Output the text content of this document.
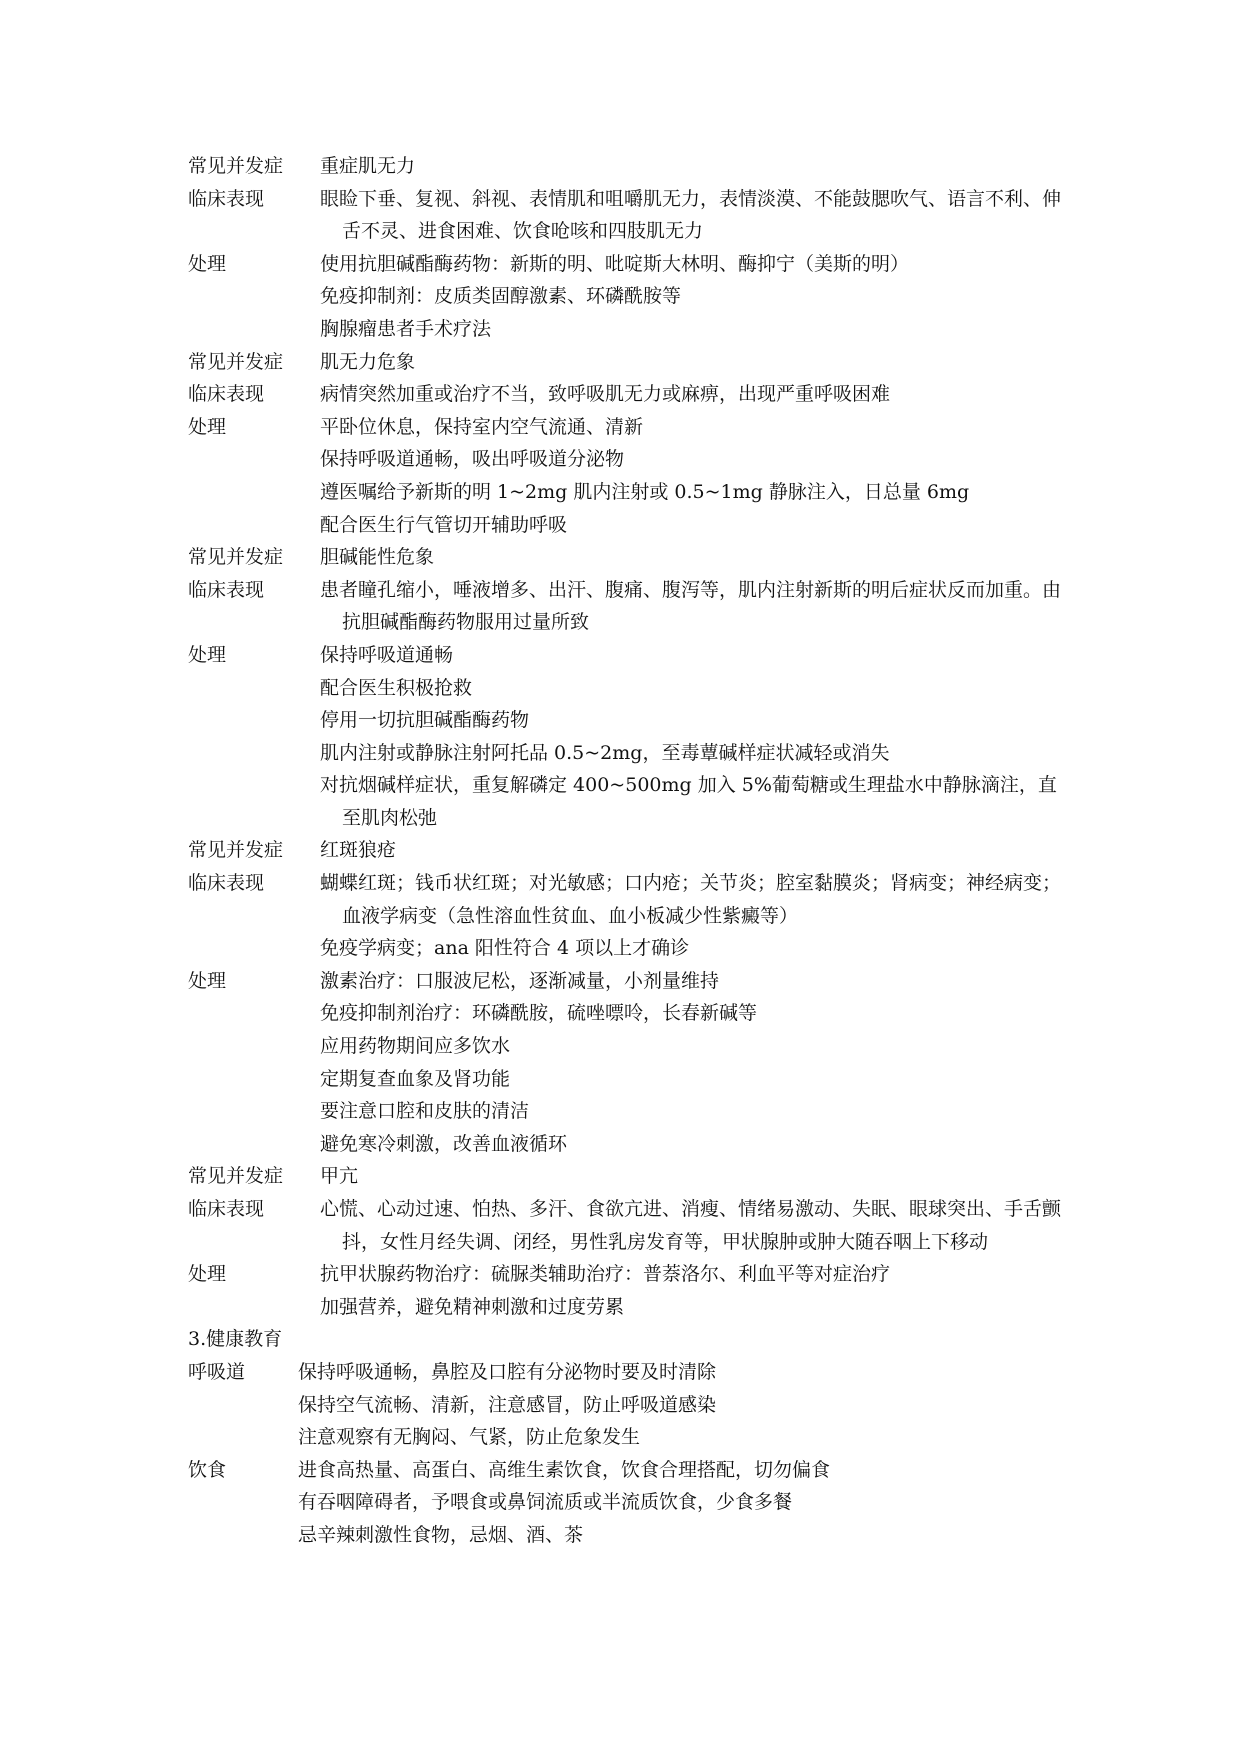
常见并发症	重症肌无力
临床表现	眼睑下垂、复视、斜视、表情肌和咀嚼肌无力，表情淡漠、不能鼓腮吹气、语言不利、伸舌不灵、进食困难、饮食呛咳和四肢肌无力
处理	使用抗胆碱酯酶药物：新斯的明、吡啶斯大林明、酶抑宁（美斯的明）
免疫抑制剂：皮质类固醇激素、环磷酰胺等
胸腺瘤患者手术疗法
常见并发症	肌无力危象
临床表现	病情突然加重或治疗不当，致呼吸肌无力或麻痹，出现严重呼吸困难
处理	平卧位休息，保持室内空气流通、清新
保持呼吸道通畅，吸出呼吸道分泌物
遵医嘱给予新斯的明 1~2mg 肌内注射或 0.5~1mg 静脉注入，日总量 6mg
配合医生行气管切开辅助呼吸
常见并发症	胆碱能性危象
临床表现	患者瞳孔缩小，唾液增多、出汗、腹痛、腹泻等，肌内注射新斯的明后症状反而加重。由抗胆碱酯酶药物服用过量所致
处理	保持呼吸道通畅
配合医生积极抢救
停用一切抗胆碱酯酶药物
肌内注射或静脉注射阿托品 0.5~2mg，至毒蕈碱样症状减轻或消失
对抗烟碱样症状，重复解磷定 400~500mg 加入 5%葡萄糖或生理盐水中静脉滴注，直至肌肉松弛
常见并发症	红斑狼疮
临床表现	蝴蝶红斑；钱币状红斑；对光敏感；口内疮；关节炎；腔室黏膜炎；肾病变；神经病变；血液学病变（急性溶血性贫血、血小板减少性紫癜等）
免疫学病变；ana 阳性符合 4 项以上才确诊
处理	激素治疗：口服波尼松，逐渐减量，小剂量维持
免疫抑制剂治疗：环磷酰胺，硫唑嘌呤，长春新碱等
应用药物期间应多饮水
定期复查血象及肾功能
要注意口腔和皮肤的清洁
避免寒冷刺激，改善血液循环
常见并发症	甲亢
临床表现	心慌、心动过速、怕热、多汗、食欲亢进、消瘦、情绪易激动、失眠、眼球突出、手舌颤抖，女性月经失调、闭经，男性乳房发育等，甲状腺肿或肿大随吞咽上下移动
处理	抗甲状腺药物治疗：硫脲类辅助治疗：普萘洛尔、利血平等对症治疗
加强营养，避免精神刺激和过度劳累
3.健康教育
呼吸道	保持呼吸通畅，鼻腔及口腔有分泌物时要及时清除
保持空气流畅、清新，注意感冒，防止呼吸道感染
注意观察有无胸闷、气紧，防止危象发生
饮食	进食高热量、高蛋白、高维生素饮食，饮食合理搭配，切勿偏食
有吞咽障碍者，予喂食或鼻饲流质或半流质饮食，少食多餐
忌辛辣刺激性食物，忌烟、酒、茶
